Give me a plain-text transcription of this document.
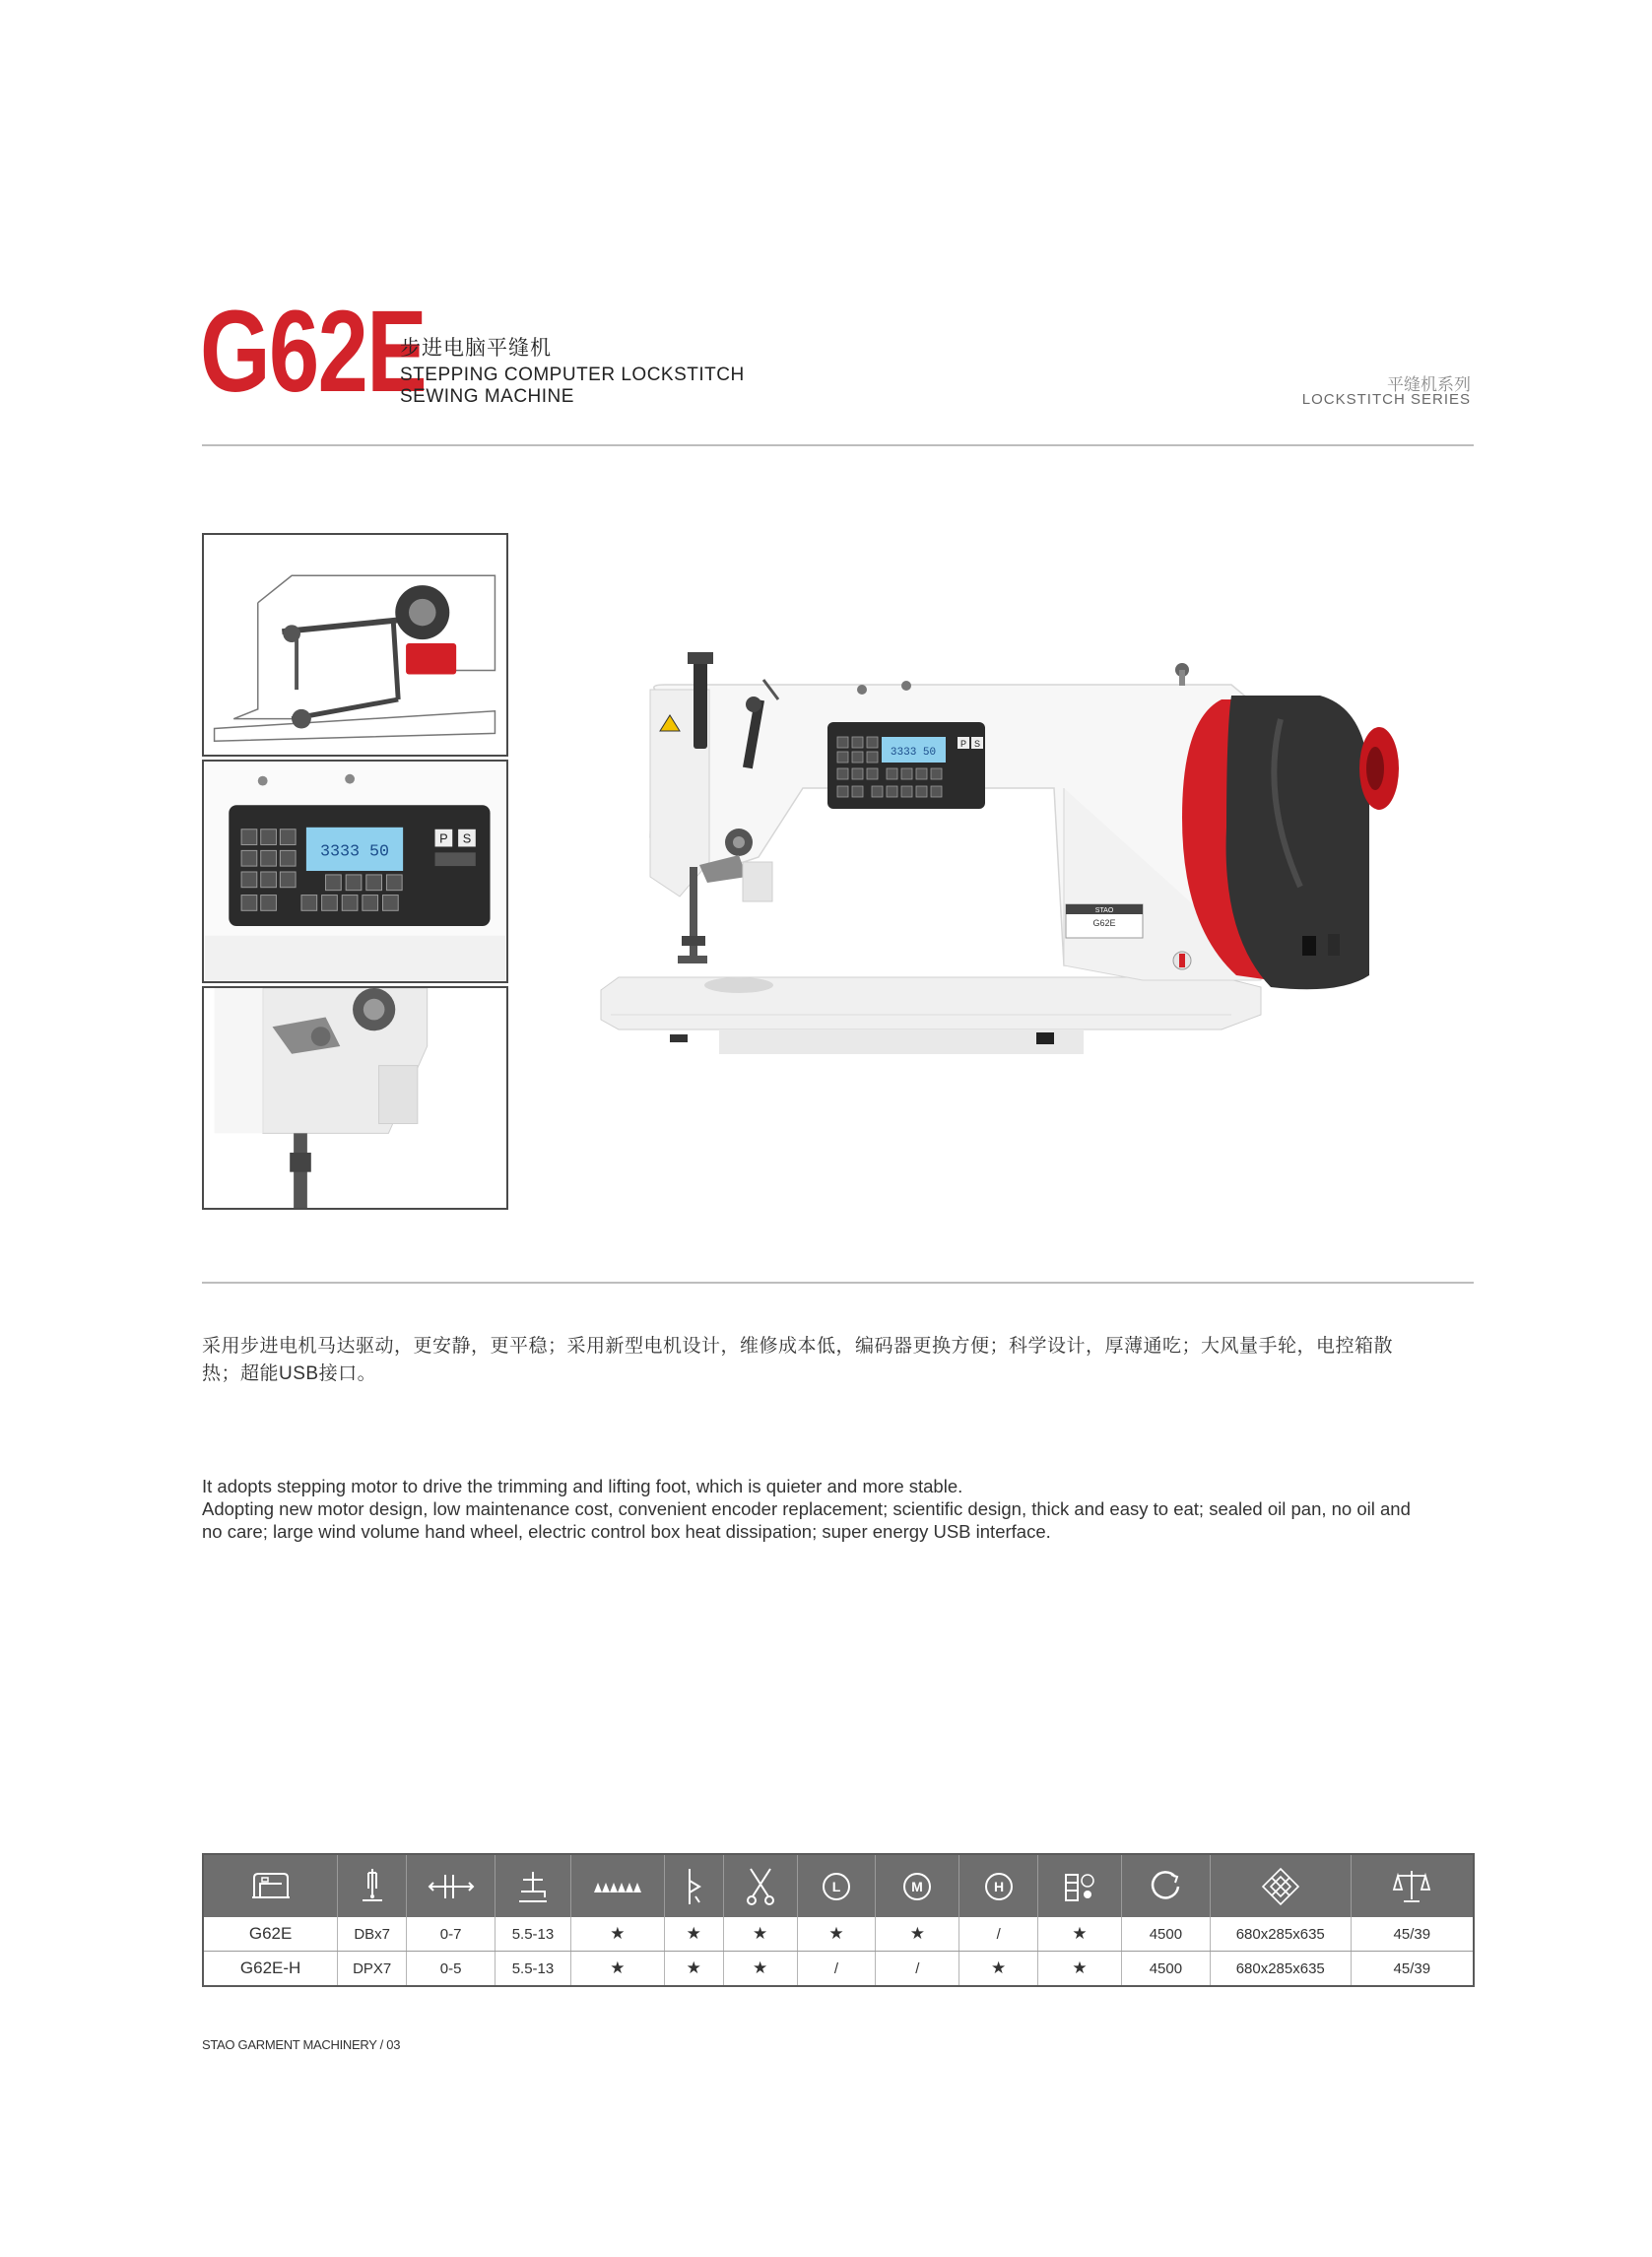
G62E
步进电脑平缝机
STEPPING COMPUTER LOCKSTITCH
SEWING MACHINE
平缝机系列
LOCKSTITCH SERIES
3333 50
P S
3333 50
P S
STAO
G62E
采用步进电机马达驱动，更安静，更平稳；采用新型电机设计，维修成本低，编码器更换方便；科学设计，厚薄通吃；大风量手轮，电控箱散
热；超能USB接口。
It adopts stepping motor to drive the trimming and lifting foot, which is quieter and more stable.
Adopting new motor design, low maintenance cost, convenient encoder replacement; scientific design, thick and easy to eat; sealed oil pan, no oil and
no care; large wind volume hand wheel, electric control box heat dissipation; super energy USB interface.

L	M	H

G62E	DBx7	0-7	5.5-13	★	★	★	★	★	/	★	4500	680x285x635	45/39
G62E-H	DPX7	0-5	5.5-13	★	★	★	/	/	★	★	4500	680x285x635	45/39
STAO GARMENT MACHINERY / 03
